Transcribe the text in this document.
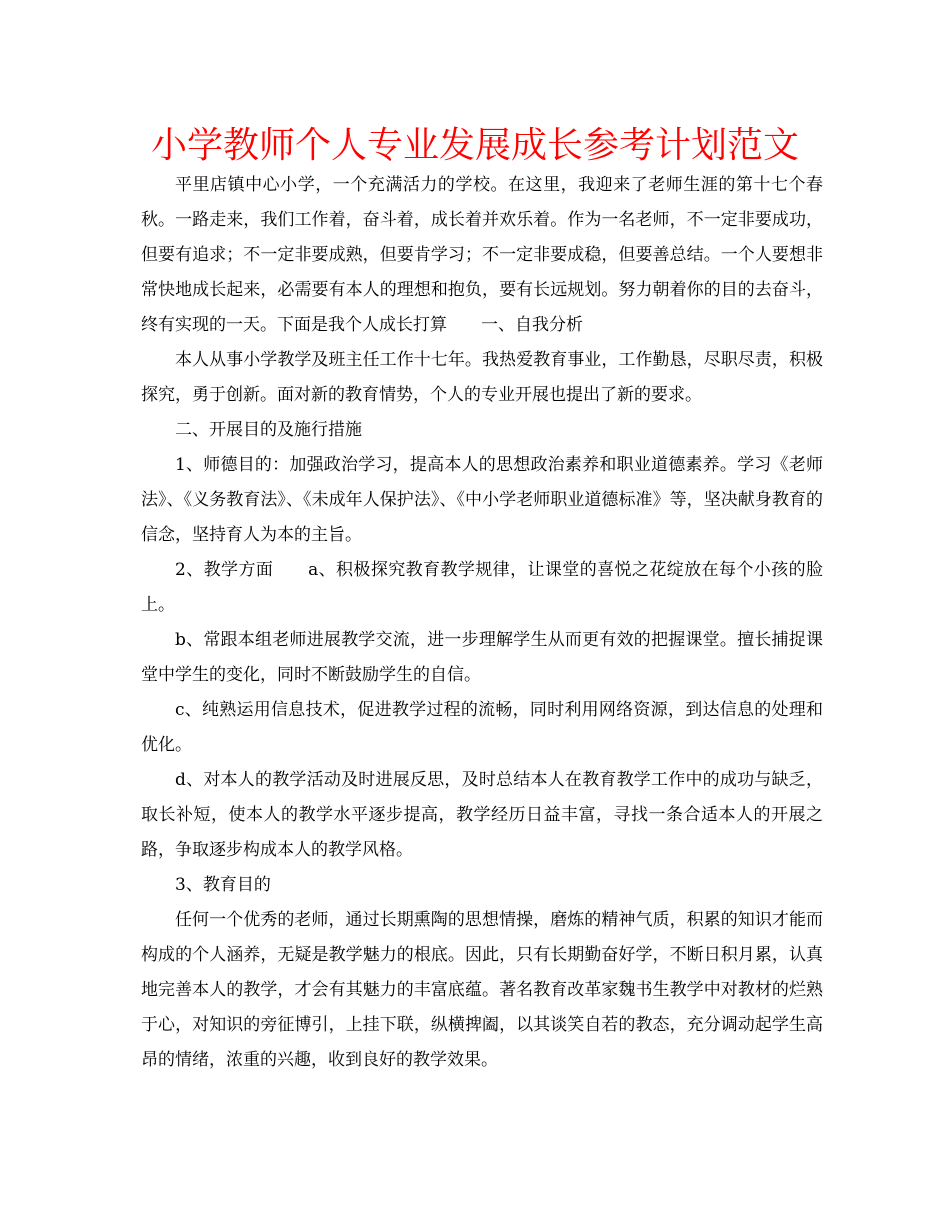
小学教师个人专业发展成长参考计划范文

平里店镇中心小学，一个充满活力的学校。在这里，我迎来了老师生涯的第十七个春秋。一路走来，我们工作着，奋斗着，成长着并欢乐着。作为一名老师，不一定非要成功，但要有追求；不一定非要成熟，但要肯学习；不一定非要成稳，但要善总结。一个人要想非常快地成长起来，必需要有本人的理想和抱负，要有长远规划。努力朝着你的目的去奋斗，终有实现的一天。下面是我个人成长打算　　一、自我分析

本人从事小学教学及班主任工作十七年。我热爱教育事业，工作勤恳，尽职尽责，积极探究，勇于创新。面对新的教育情势，个人的专业开展也提出了新的要求。

二、开展目的及施行措施

1、师德目的：加强政治学习，提高本人的思想政治素养和职业道德素养。学习《老师法》、《义务教育法》、《未成年人保护法》、《中小学老师职业道德标准》等，坚决献身教育的信念，坚持育人为本的主旨。

2、教学方面　　a、积极探究教育教学规律，让课堂的喜悦之花绽放在每个小孩的脸上。

b、常跟本组老师进展教学交流，进一步理解学生从而更有效的把握课堂。擅长捕捉课堂中学生的变化，同时不断鼓励学生的自信。

c、纯熟运用信息技术，促进教学过程的流畅，同时利用网络资源，到达信息的处理和优化。

d、对本人的教学活动及时进展反思，及时总结本人在教育教学工作中的成功与缺乏，取长补短，使本人的教学水平逐步提高，教学经历日益丰富，寻找一条合适本人的开展之路，争取逐步构成本人的教学风格。

3、教育目的

任何一个优秀的老师，通过长期熏陶的思想情操，磨炼的精神气质，积累的知识才能而构成的个人涵养，无疑是教学魅力的根底。因此，只有长期勤奋好学，不断日积月累，认真地完善本人的教学，才会有其魅力的丰富底蕴。著名教育改革家魏书生教学中对教材的烂熟于心，对知识的旁征博引，上挂下联，纵横捭阖，以其谈笑自若的教态，充分调动起学生高昂的情绪，浓重的兴趣，收到良好的教学效果。
